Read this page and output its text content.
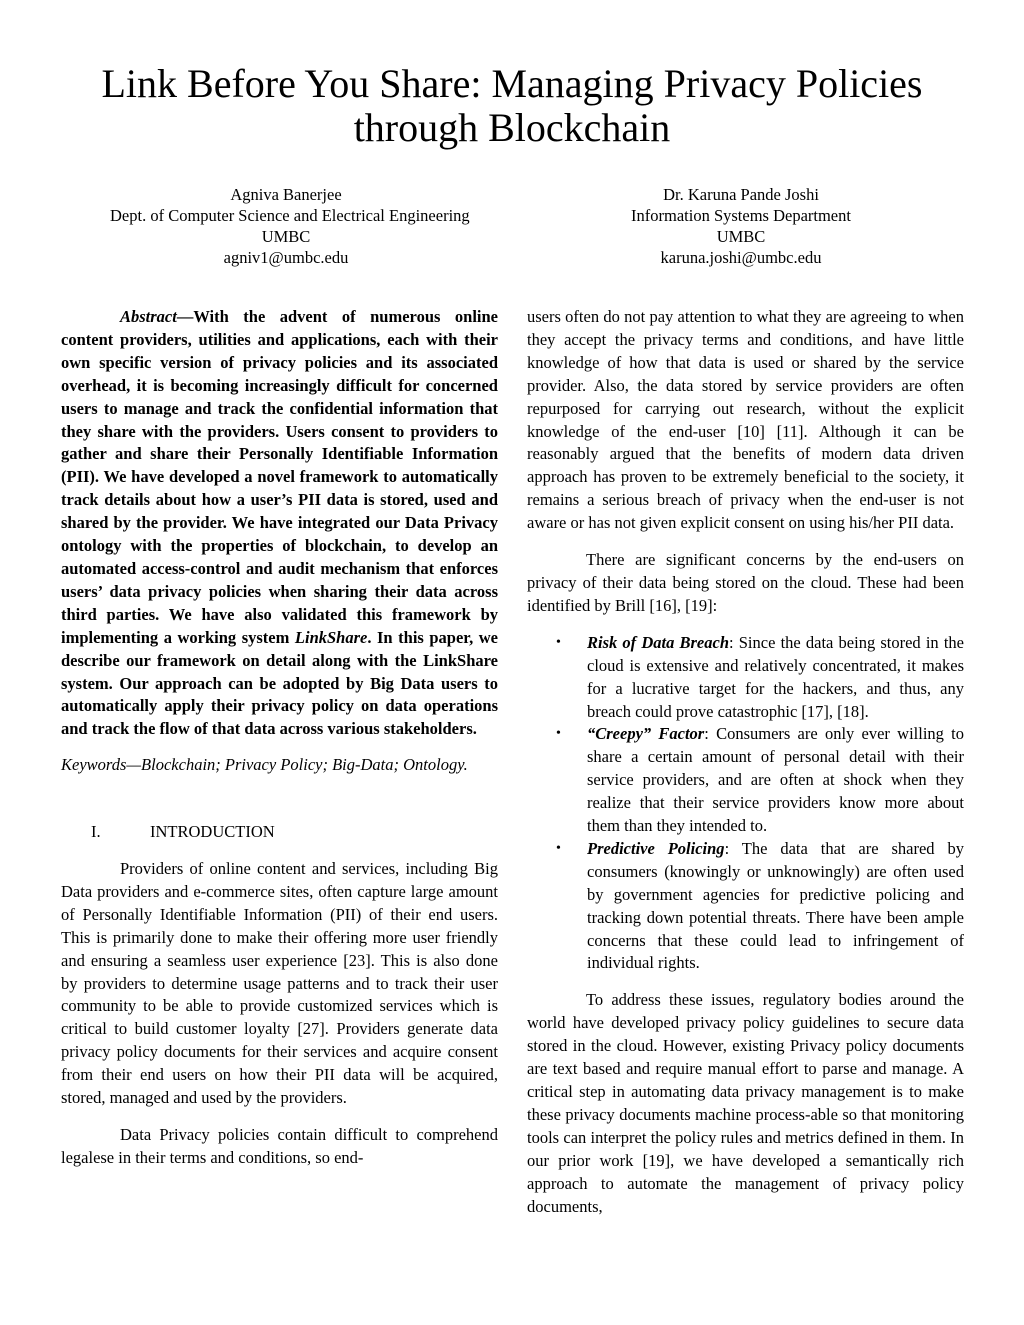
Link Before You Share: Managing Privacy Policies
through Blockchain
Agniva Banerjee
Dept. of Computer Science and Electrical Engineering
UMBC
agniv1@umbc.edu
Dr. Karuna Pande Joshi
Information Systems Department
UMBC
karuna.joshi@umbc.edu

Abstract—With the advent of numerous online content providers, utilities and applications, each with their own specific version of privacy policies and its associated overhead, it is becoming increasingly difficult for concerned users to manage and track the confidential information that they share with the providers. Users consent to providers to gather and share their Personally Identifiable Information (PII). We have developed a novel framework to automatically track details about how a user’s PII data is stored, used and shared by the provider. We have integrated our Data Privacy ontology with the properties of blockchain, to develop an automated access-control and audit mechanism that enforces users’ data privacy policies when sharing their data across third parties. We have also validated this framework by implementing a working system LinkShare. In this paper, we describe our framework on detail along with the LinkShare system. Our approach can be adopted by Big Data users to automatically apply their privacy policy on data operations and track the flow of that data across various stakeholders.

Keywords—Blockchain; Privacy Policy; Big-Data; Ontology.

I.	INTRODUCTION

Providers of online content and services, including Big Data providers and e-commerce sites, often capture large amount of Personally Identifiable Information (PII) of their end users. This is primarily done to make their offering more user friendly and ensuring a seamless user experience [23]. This is also done by providers to determine usage patterns and to track their user community to be able to provide customized services which is critical to build customer loyalty [27]. Providers generate data privacy policy documents for their services and acquire consent from their end users on how their PII data will be acquired, stored, managed and used by the providers.

Data Privacy policies contain difficult to comprehend legalese in their terms and conditions, so end-

users often do not pay attention to what they are agreeing to when they accept the privacy terms and conditions, and have little knowledge of how that data is used or shared by the service provider. Also, the data stored by service providers are often repurposed for carrying out research, without the explicit knowledge of the end-user [10] [11]. Although it can be reasonably argued that the benefits of modern data driven approach has proven to be extremely beneficial to the society, it remains a serious breach of privacy when the end-user is not aware or has not given explicit consent on using his/her PII data.

There are significant concerns by the end-users on privacy of their data being stored on the cloud. These had been identified by Brill [16], [19]:

• Risk of Data Breach: Since the data being stored in the cloud is extensive and relatively concentrated, it makes for a lucrative target for the hackers, and thus, any breach could prove catastrophic [17], [18].
• “Creepy” Factor: Consumers are only ever willing to share a certain amount of personal detail with their service providers, and are often at shock when they realize that their service providers know more about them than they intended to.
• Predictive Policing: The data that are shared by consumers (knowingly or unknowingly) are often used by government agencies for predictive policing and tracking down potential threats. There have been ample concerns that these could lead to infringement of individual rights.

To address these issues, regulatory bodies around the world have developed privacy policy guidelines to secure data stored in the cloud. However, existing Privacy policy documents are text based and require manual effort to parse and manage. A critical step in automating data privacy management is to make these privacy documents machine process-able so that monitoring tools can interpret the policy rules and metrics defined in them. In our prior work [19], we have developed a semantically rich approach to automate the management of privacy policy documents,
